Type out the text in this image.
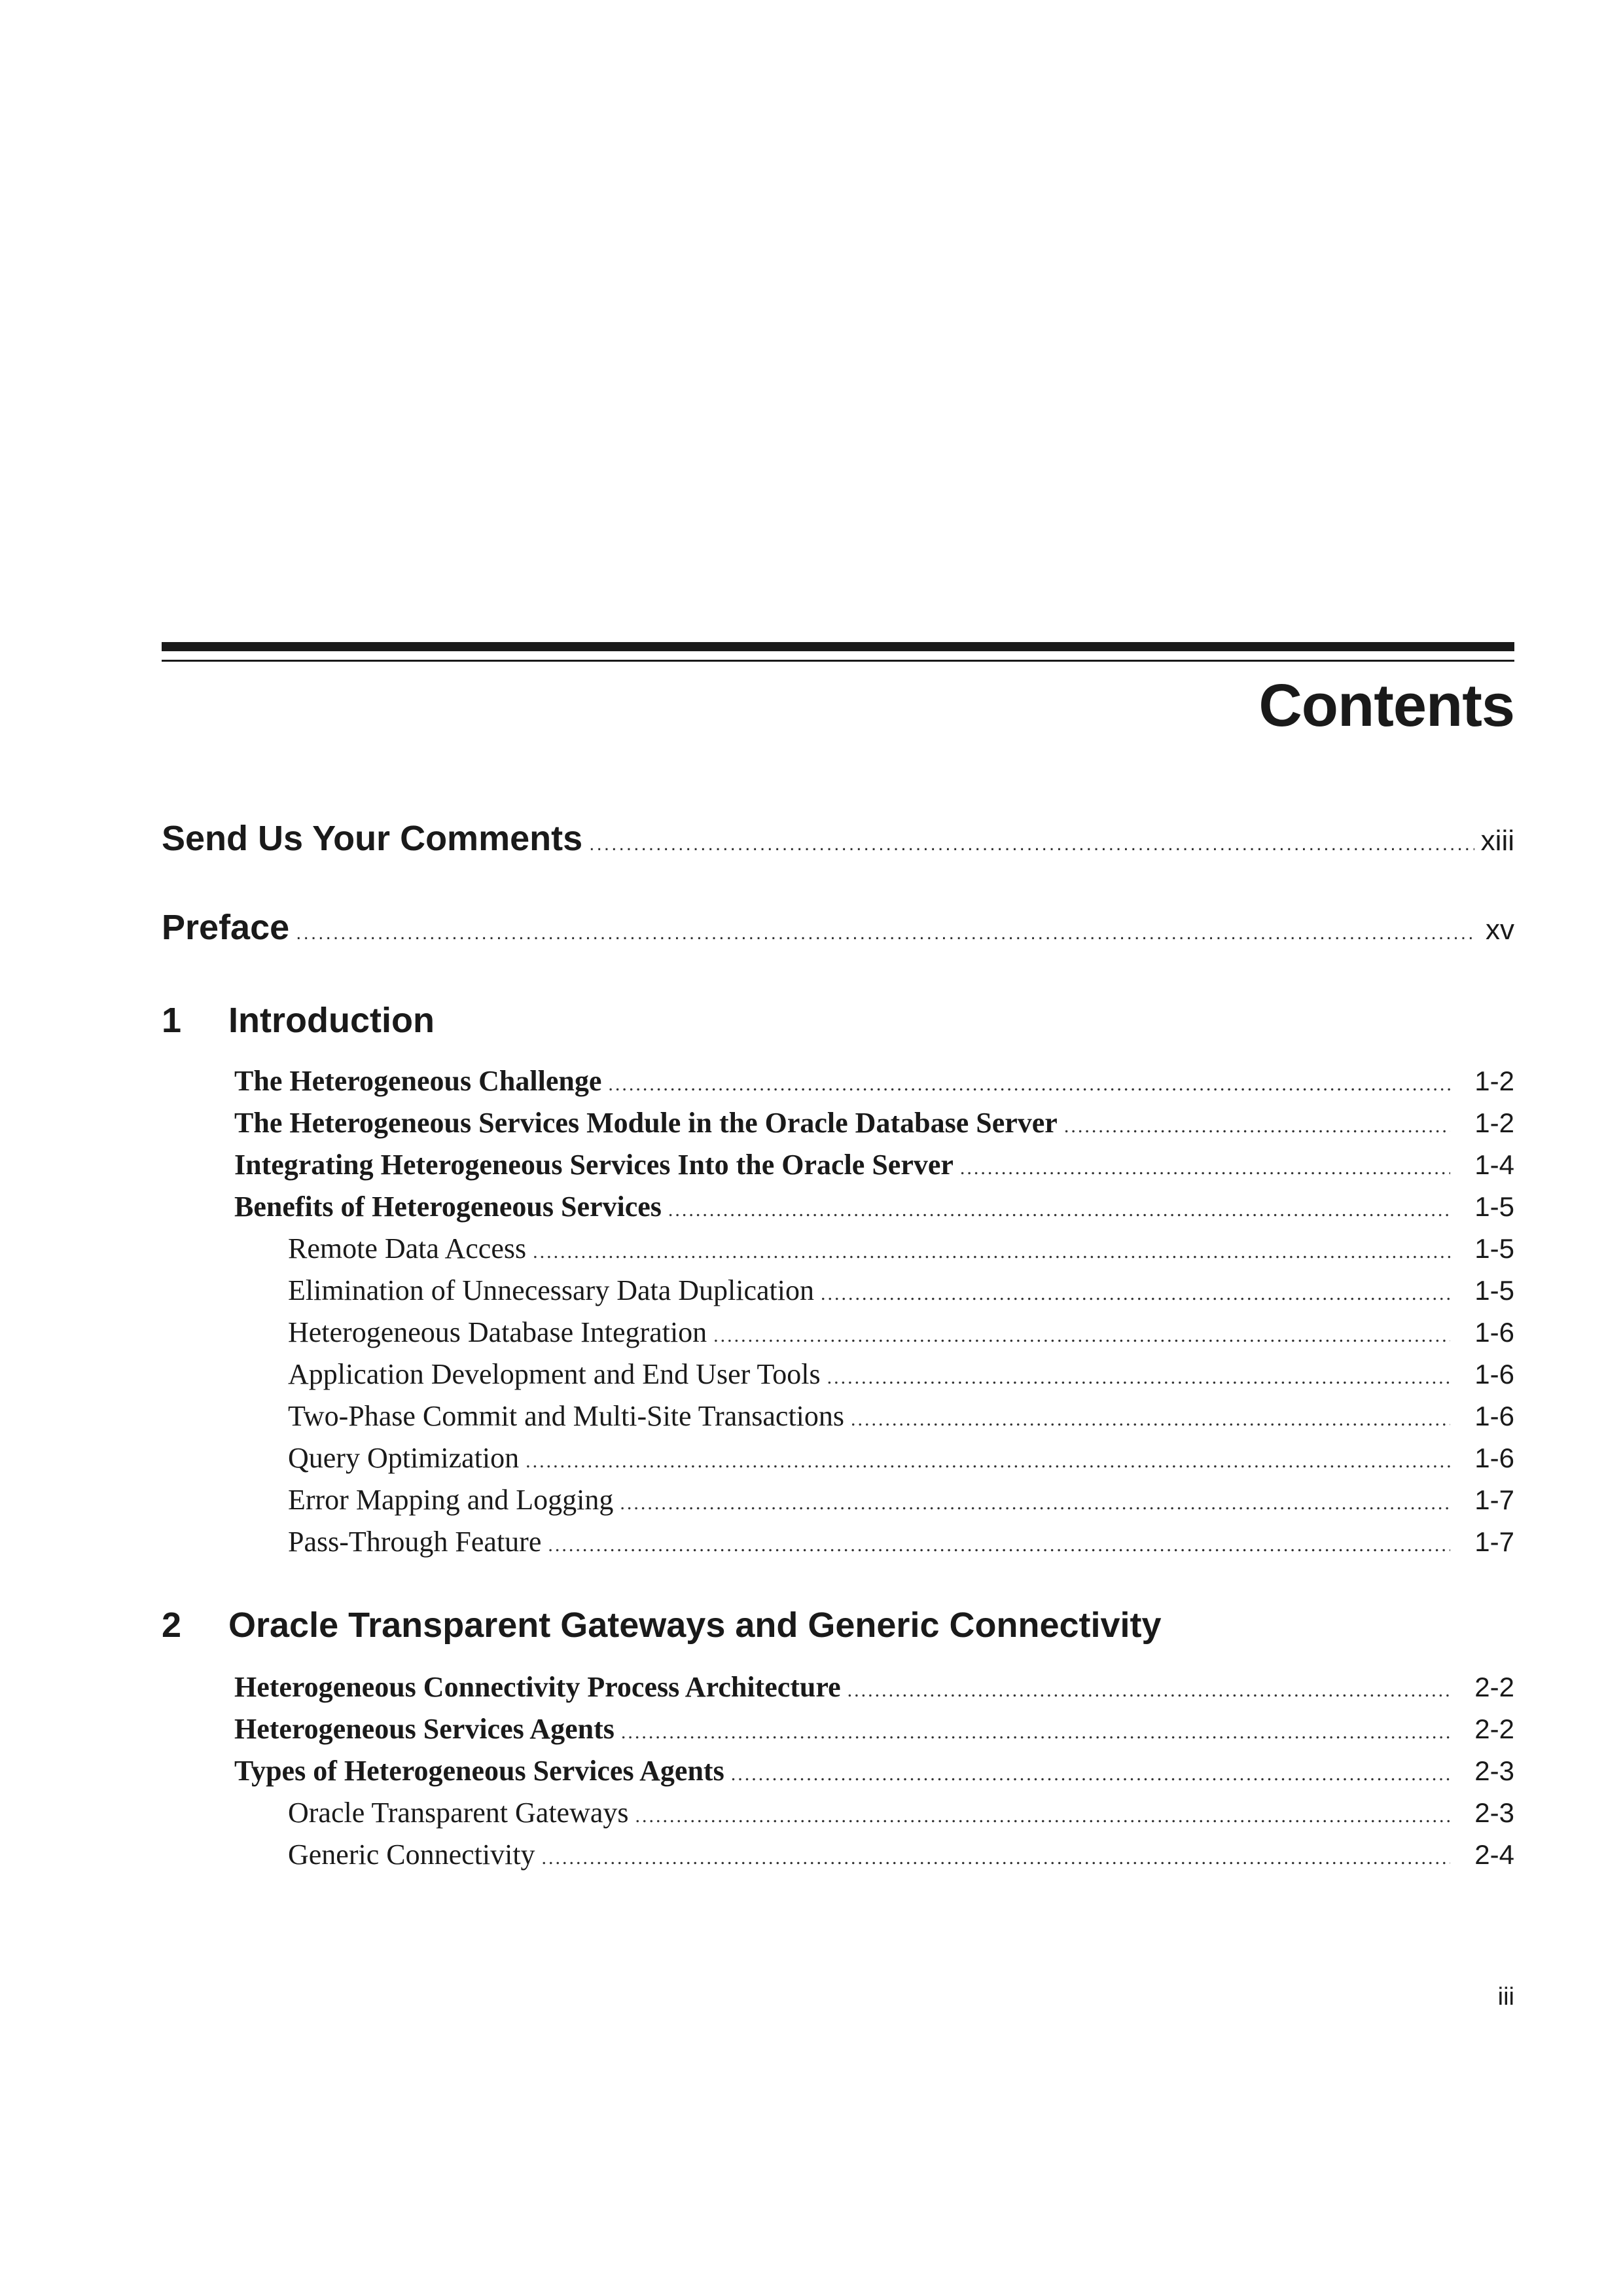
Contents
Send Us Your Comments .....	xiii
Preface .....	xv
1	Introduction
The Heterogeneous Challenge .....	1-2
The Heterogeneous Services Module in the Oracle Database Server .....	1-2
Integrating Heterogeneous Services Into the Oracle Server .....	1-4
Benefits of Heterogeneous Services .....	1-5
Remote Data Access .....	1-5
Elimination of Unnecessary Data Duplication .....	1-5
Heterogeneous Database Integration .....	1-6
Application Development and End User Tools .....	1-6
Two-Phase Commit and Multi-Site Transactions .....	1-6
Query Optimization .....	1-6
Error Mapping and Logging .....	1-7
Pass-Through Feature .....	1-7
2	Oracle Transparent Gateways and Generic Connectivity
Heterogeneous Connectivity Process Architecture .....	2-2
Heterogeneous Services Agents .....	2-2
Types of Heterogeneous Services Agents .....	2-3
Oracle Transparent Gateways .....	2-3
Generic Connectivity .....	2-4
iii
